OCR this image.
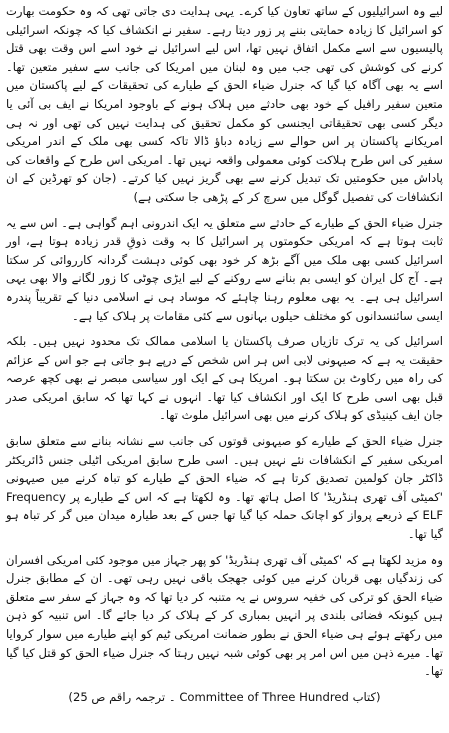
لیے وہ اسرائیلیوں کے ساتھ تعاون کیا کرے۔ یہی ہدایت دی جاتی تھی کہ وہ حکومت بھارت کو اسرائیل کا زیادہ حمایتی بننے پر زور دیتا رہے۔ سفیر نے انکشاف کیا کہ چونکہ اسرائیلی پالیسیوں سے اسے مکمل اتفاق نہیں تھا، اس لیے اسرائیل نے خود اسے اس وقت بھی قتل کرنے کی کوشش کی تھی جب میں وہ لبنان میں امریکا کی جانب سے سفیر متعین تھا۔ اسے یہ بھی آگاہ کیا گیا کہ جنرل ضیاء الحق کے طیارے کی تحقیقات کے لیے پاکستان میں متعین سفیر رافیل کے خود بھی حادثے میں ہلاک ہونے کے باوجود امریکا نے ایف بی آئی یا دیگر کسی بھی تحقیقاتی ایجنسی کو مکمل تحقیق کی ہدایت نہیں کی تھی اور نہ ہی امریکانے پاکستان پر اس حوالے سے زیادہ دباؤ ڈالا تاکہ کسی بھی ملک کے اندر امریکی سفیر کی اس طرح ہلاکت کوئی معمولی واقعہ نہیں تھا۔ امریکی اس طرح کے واقعات کی پاداش میں حکومتیں تک تبدیل کرنے سے بھی گریز نہیں کیا کرتے۔ (جان کو تھرڈین کے ان انکشافات کی تفصیل گوگل میں سرچ کر کے پڑھی جا سکتی ہے)

جنرل ضیاء الحق کے طیارے کے حادثے سے متعلق یہ ایک اندرونی اہم گواہی ہے۔ اس سے یہ ثابت ہوتا ہے کہ امریکی حکومتوں پر اسرائیل کا بہ وقت ذوقِ قدر زیادہ ہوتا ہے، اور اسرائیل کسی بھی ملک میں آگے بڑھ کر خود بھی کوئی دہشت گردانہ کارروائی کر سکتا ہے۔ آج کل ایران کو ایسی بم بنانے سے روکنے کے لیے ایڑی چوٹی کا زور لگانے والا بھی یہی اسرائیل ہی ہے۔ یہ بھی معلوم رہنا چاہئے کہ موساد ہی نے اسلامی دنیا کے تقریباً پندرہ ایسی سائنسدانوں کو مختلف حیلوں بہانوں سے کئی مقامات پر ہلاک کیا ہے۔

اسرائیل کی یہ ترک تازیاں صرف پاکستان یا اسلامی ممالک تک محدود نہیں ہیں۔ بلکہ حقیقت یہ ہے کہ صیہونی لابی اس ہر اس شخص کے درپے ہو جاتی ہے جو اس کے عزائم کی راہ میں رکاوٹ بن سکتا ہو۔ امریکا ہی کے ایک اور سیاسی مبصر نے بھی کچھ عرصہ قبل بھی اسی طرح کا ایک اور انکشاف کیا تھا۔ انہوں نے کہا تھا کہ سابق امریکی صدر جان ایف کینیڈی کو ہلاک کرنے میں بھی اسرائیل ملوث تھا۔

جنرل ضیاء الحق کے طیارے کو صیہونی قوتوں کی جانب سے نشانہ بنانے سے متعلق سابق امریکی سفیر کے انکشافات نئے نہیں ہیں۔ اسی طرح سابق امریکی اٹیلی جنس ڈائریکٹر ڈاکٹر جان کولمین تصدیق کرتا ہے کہ ضیاء الحق کے طیارے کو تباہ کرنے میں صیہونی 'کمیٹی آف تھری ہنڈریڈ' کا اصل ہاتھ تھا۔ وہ لکھتا ہے کہ اس کے طیارے پر Frequency ELF کے ذریعے پرواز کو اچانک حملہ کیا گیا تھا جس کے بعد طیارہ میدان میں گر کر تباہ ہو گیا تھا۔

وہ مزید لکھتا ہے کہ 'کمیٹی آف تھری ہنڈریڈ' کو پھر جہاز میں موجود کئی امریکی افسران کی زندگیاں بھی قربان کرنے میں کوئی جھجک باقی نہیں رہی تھی۔ ان کے مطابق جنرل ضیاء الحق کو ترکی کی خفیہ سروس نے یہ متنبہ کر دیا تھا کہ وہ جہاز کے سفر سے متعلق ہیں کیونکہ فضائی بلندی پر انہیں بمباری کر کے ہلاک کر دیا جائے گا۔ اس تنبیہ کو ذہن میں رکھتے ہوئے ہی ضیاء الحق نے بطور ضمانت امریکی ٹیم کو اپنے طیارے میں سوار کروایا تھا۔ میرے ذہن میں اس امر پر بھی کوئی شبہ نہیں رہتا کہ جنرل ضیاء الحق کو قتل کیا گیا تھا۔

(کتاب Committee of Three Hundred ۔ ترجمہ راقم ص 25)
